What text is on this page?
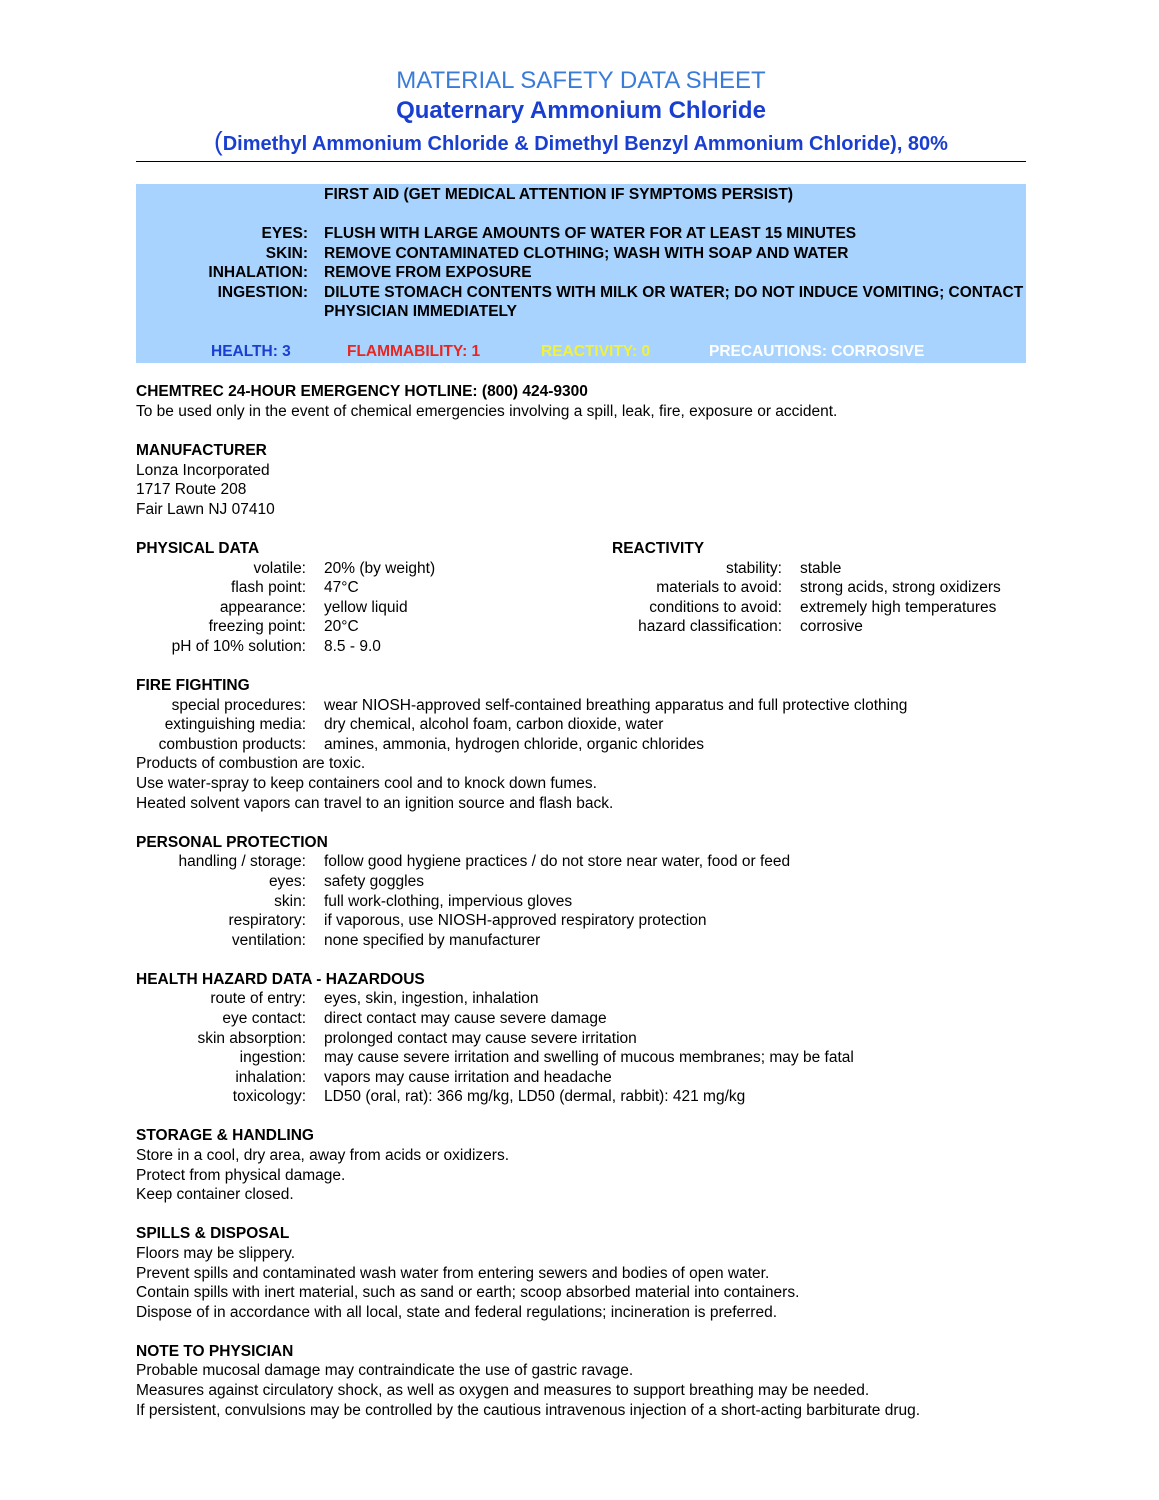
MATERIAL SAFETY DATA SHEET
Quaternary Ammonium Chloride
(Dimethyl Ammonium Chloride & Dimethyl Benzyl Ammonium Chloride), 80%
FIRST AID (GET MEDICAL ATTENTION IF SYMPTOMS PERSIST)
EYES:	FLUSH WITH LARGE AMOUNTS OF WATER FOR AT LEAST 15 MINUTES
SKIN:	REMOVE CONTAMINATED CLOTHING; WASH WITH SOAP AND WATER
INHALATION:	REMOVE FROM EXPOSURE
INGESTION:	DILUTE STOMACH CONTENTS WITH MILK OR WATER; DO NOT INDUCE VOMITING; CONTACT PHYSICIAN IMMEDIATELY
HEALTH: 3	FLAMMABILITY: 1	REACTIVITY: 0	PRECAUTIONS: CORROSIVE
CHEMTREC 24-HOUR EMERGENCY HOTLINE: (800) 424-9300
To be used only in the event of chemical emergencies involving a spill, leak, fire, exposure or accident.
MANUFACTURER
Lonza Incorporated
1717 Route 208
Fair Lawn NJ 07410
PHYSICAL DATA
volatile:	20% (by weight)
flash point:	47°C
appearance:	yellow liquid
freezing point:	20°C
pH of 10% solution:	8.5 - 9.0
REACTIVITY
stability:	stable
materials to avoid:	strong acids, strong oxidizers
conditions to avoid:	extremely high temperatures
hazard classification:	corrosive
FIRE FIGHTING
special procedures:	wear NIOSH-approved self-contained breathing apparatus and full protective clothing
extinguishing media:	dry chemical, alcohol foam, carbon dioxide, water
combustion products:	amines, ammonia, hydrogen chloride, organic chlorides
Products of combustion are toxic.
Use water-spray to keep containers cool and to knock down fumes.
Heated solvent vapors can travel to an ignition source and flash back.
PERSONAL PROTECTION
handling / storage:	follow good hygiene practices / do not store near water, food or feed
eyes:	safety goggles
skin:	full work-clothing, impervious gloves
respiratory:	if vaporous, use NIOSH-approved respiratory protection
ventilation:	none specified by manufacturer
HEALTH HAZARD DATA - HAZARDOUS
route of entry:	eyes, skin, ingestion, inhalation
eye contact:	direct contact may cause severe damage
skin absorption:	prolonged contact may cause severe irritation
ingestion:	may cause severe irritation and swelling of mucous membranes; may be fatal
inhalation:	vapors may cause irritation and headache
toxicology:	LD50 (oral, rat): 366 mg/kg, LD50 (dermal, rabbit): 421 mg/kg
STORAGE & HANDLING
Store in a cool, dry area, away from acids or oxidizers.
Protect from physical damage.
Keep container closed.
SPILLS & DISPOSAL
Floors may be slippery.
Prevent spills and contaminated wash water from entering sewers and bodies of open water.
Contain spills with inert material, such as sand or earth; scoop absorbed material into containers.
Dispose of in accordance with all local, state and federal regulations; incineration is preferred.
NOTE TO PHYSICIAN
Probable mucosal damage may contraindicate the use of gastric ravage.
Measures against circulatory shock, as well as oxygen and measures to support breathing may be needed.
If persistent, convulsions may be controlled by the cautious intravenous injection of a short-acting barbiturate drug.
